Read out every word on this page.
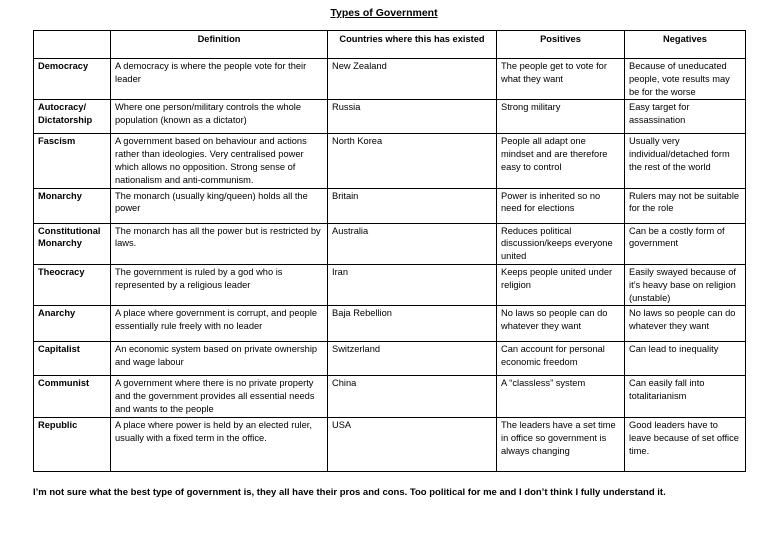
Types of Government
	Definition	Countries where this has existed	Positives	Negatives
Democracy	A democracy is where the people vote for their leader	New Zealand	The people get to vote for what they want	Because of uneducated people, vote results may be for the worse
Autocracy/ Dictatorship	Where one person/military controls the whole population (known as a dictator)	Russia	Strong military	Easy target for assassination
Fascism	A government based on behaviour and actions rather than ideologies. Very centralised power which allows no opposition. Strong sense of nationalism and anti-communism.	North Korea	People all adapt one mindset and are therefore easy to control	Usually very individual/detached form the rest of the world
Monarchy	The monarch (usually king/queen) holds all the power	Britain	Power is inherited so no need for elections	Rulers may not be suitable for the role
Constitutional Monarchy	The monarch has all the power but is restricted by laws.	Australia	Reduces political discussion/keeps everyone united	Can be a costly form of government
Theocracy	The government is ruled by a god who is represented by a religious leader	Iran	Keeps people united under religion	Easily swayed because of it’s heavy base on religion (unstable)
Anarchy	A place where government is corrupt, and people essentially rule freely with no leader	Baja Rebellion	No laws so people can do whatever they want	No laws so people can do whatever they want
Capitalist	An economic system based on private ownership and wage labour	Switzerland	Can account for personal economic freedom	Can lead to inequality
Communist	A government where there is no private property and the government provides all essential needs and wants to the people	China	A “classless” system	Can easily fall into totalitarianism
Republic	A place where power is held by an elected ruler, usually with a fixed term in the office.	USA	The leaders have a set time in office so government is always changing	Good leaders have to leave because of set office time.
I’m not sure what the best type of government is, they all have their pros and cons. Too political for me and I don’t think I fully understand it.
